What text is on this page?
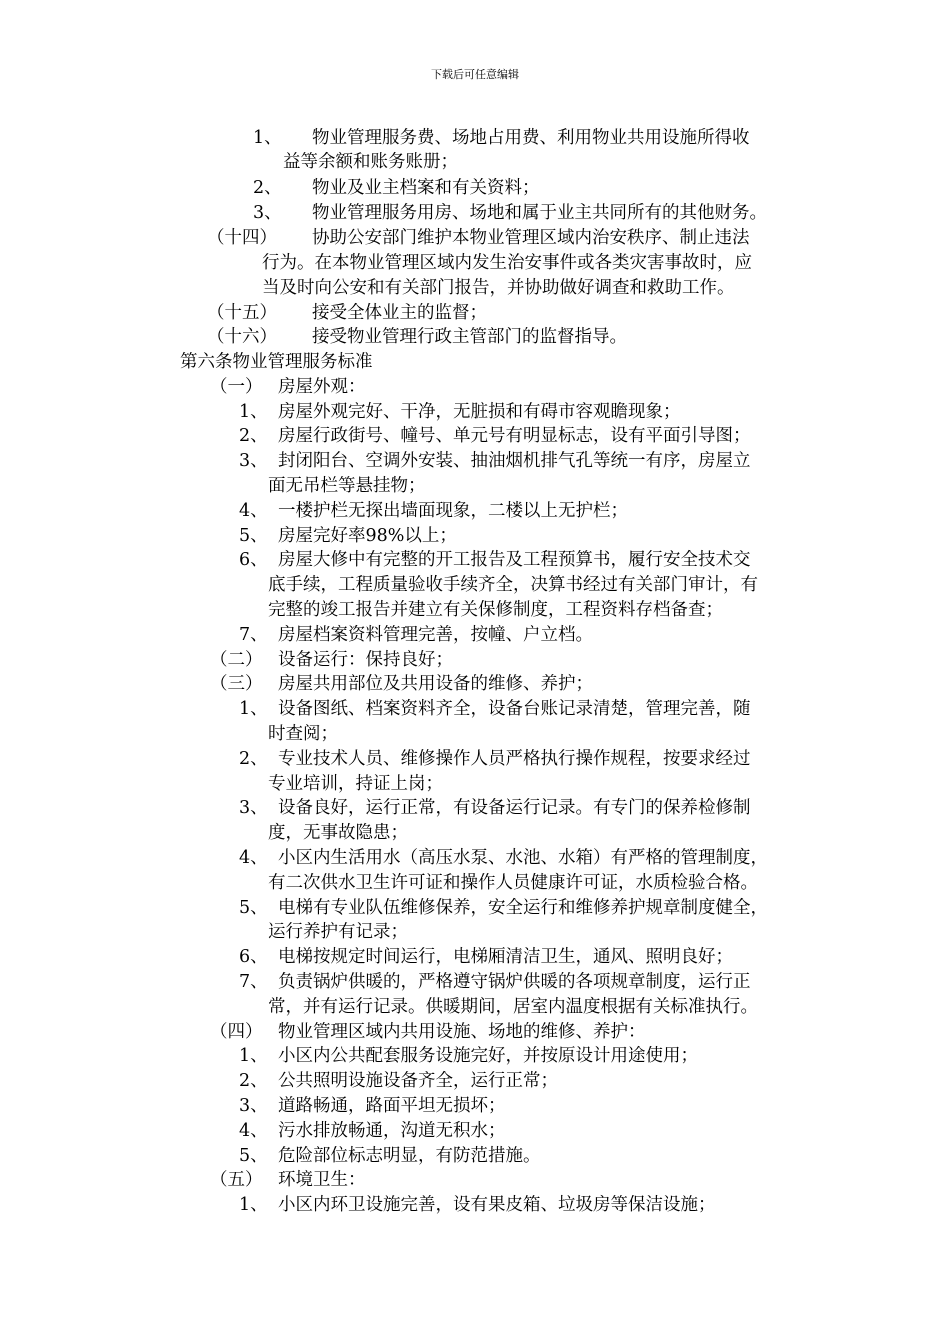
下载后可任意编辑
1、 物业管理服务费、场地占用费、利用物业共用设施所得收
益等余额和账务账册；
2、 物业及业主档案和有关资料；
3、 物业管理服务用房、场地和属于业主共同所有的其他财务。
（十四） 协助公安部门维护本物业管理区域内治安秩序、制止违法
行为。在本物业管理区域内发生治安事件或各类灾害事故时，应
当及时向公安和有关部门报告，并协助做好调查和救助工作。
（十五） 接受全体业主的监督；
（十六） 接受物业管理行政主管部门的监督指导。
第六条物业管理服务标准
（一） 房屋外观：
1、 房屋外观完好、干净，无脏损和有碍市容观瞻现象；
2、 房屋行政街号、幢号、单元号有明显标志，设有平面引导图；
3、 封闭阳台、空调外安装、抽油烟机排气孔等统一有序，房屋立
面无吊栏等悬挂物；
4、 一楼护栏无探出墙面现象，二楼以上无护栏；
5、 房屋完好率98%以上；
6、 房屋大修中有完整的开工报告及工程预算书，履行安全技术交
底手续，工程质量验收手续齐全，决算书经过有关部门审计，有
完整的竣工报告并建立有关保修制度，工程资料存档备查；
7、 房屋档案资料管理完善，按幢、户立档。
（二） 设备运行：保持良好；
（三） 房屋共用部位及共用设备的维修、养护；
1、 设备图纸、档案资料齐全，设备台账记录清楚，管理完善，随
时查阅；
2、 专业技术人员、维修操作人员严格执行操作规程，按要求经过
专业培训，持证上岗；
3、 设备良好，运行正常，有设备运行记录。有专门的保养检修制
度，无事故隐患；
4、 小区内生活用水（高压水泵、水池、水箱）有严格的管理制度，
有二次供水卫生许可证和操作人员健康许可证，水质检验合格。
5、 电梯有专业队伍维修保养，安全运行和维修养护规章制度健全，
运行养护有记录；
6、 电梯按规定时间运行，电梯厢清洁卫生，通风、照明良好；
7、 负责锅炉供暖的，严格遵守锅炉供暖的各项规章制度，运行正
常，并有运行记录。供暖期间，居室内温度根据有关标准执行。
（四） 物业管理区域内共用设施、场地的维修、养护：
1、 小区内公共配套服务设施完好，并按原设计用途使用；
2、 公共照明设施设备齐全，运行正常；
3、 道路畅通，路面平坦无损坏；
4、 污水排放畅通，沟道无积水；
5、 危险部位标志明显，有防范措施。
（五） 环境卫生：
1、 小区内环卫设施完善，设有果皮箱、垃圾房等保洁设施；
